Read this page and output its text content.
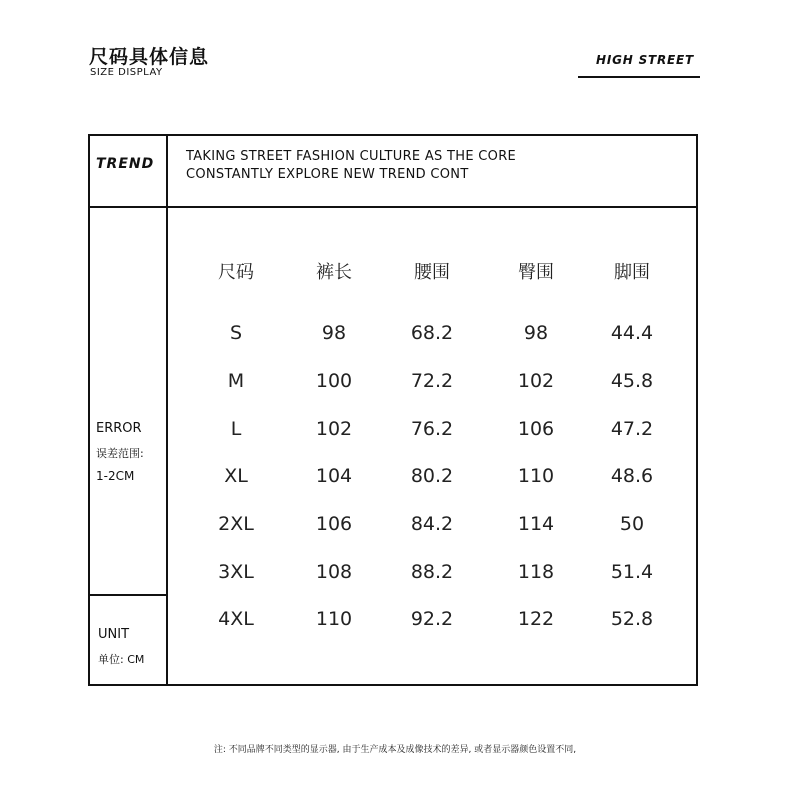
尺码具体信息
SIZE DISPLAY
HIGH STREET
TREND TAKING STREET FASHION CULTURE AS THE CORE
CONSTANTLY EXPLORE NEW TREND CONT
ERROR
误差范围:
1-2CM
UNIT
单位: CM
尺码	裤长	腰围	臀围	脚围
S	98	68.2	98	44.4
M	100	72.2	102	45.8
L	102	76.2	106	47.2
XL	104	80.2	110	48.6
2XL	106	84.2	114	50
3XL	108	88.2	118	51.4
4XL	110	92.2	122	52.8
注: 不同品牌不同类型的显示器, 由于生产成本及成像技术的差异, 或者显示器颜色设置不同,
